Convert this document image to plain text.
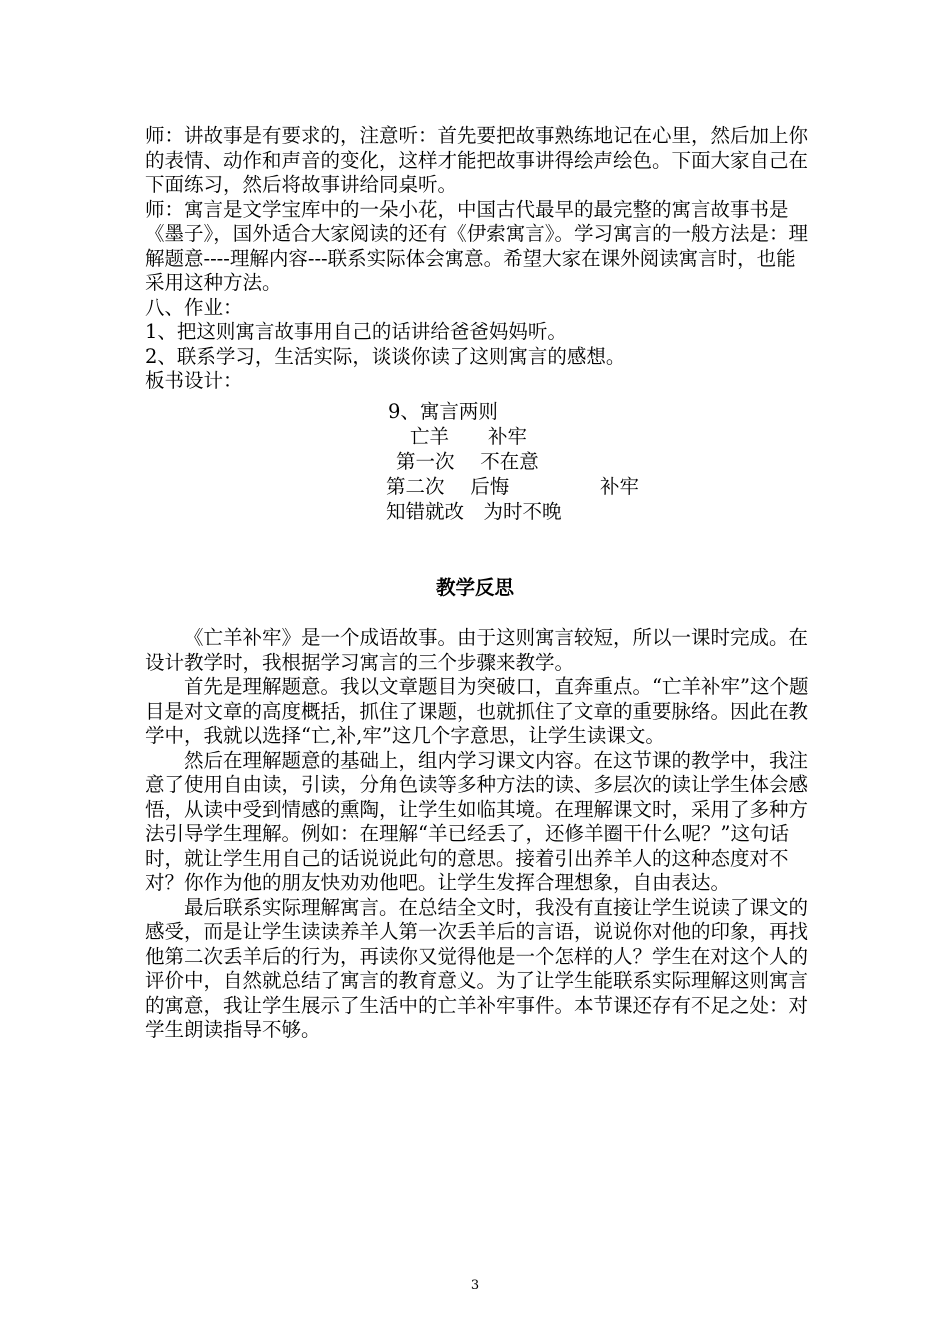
师：讲故事是有要求的，注意听：首先要把故事熟练地记在心里，然后加上你的表情、动作和声音的变化，这样才能把故事讲得绘声绘色。下面大家自己在下面练习，然后将故事讲给同桌听。

师：寓言是文学宝库中的一朵小花，中国古代最早的最完整的寓言故事书是《墨子》，国外适合大家阅读的还有《伊索寓言》。学习寓言的一般方法是：理解题意----理解内容---联系实际体会寓意。希望大家在课外阅读寓言时，也能采用这种方法。

八、作业：

1、把这则寓言故事用自己的话讲给爸爸妈妈听。

2、联系学习，生活实际，谈谈你读了这则寓言的感想。

板书设计：

9、寓言两则
亡羊　　补牢
第一次　 不在意
第二次　 后悔	补牢
知错就改　为时不晚
教学反思

《亡羊补牢》是一个成语故事。由于这则寓言较短，所以一课时完成。在设计教学时，我根据学习寓言的三个步骤来教学。

首先是理解题意。我以文章题目为突破口，直奔重点。“亡羊补牢”这个题目是对文章的高度概括，抓住了课题，也就抓住了文章的重要脉络。因此在教学中，我就以选择“亡,补,牢”这几个字意思，让学生读课文。

然后在理解题意的基础上，组内学习课文内容。在这节课的教学中，我注意了使用自由读，引读，分角色读等多种方法的读、多层次的读让学生体会感悟，从读中受到情感的熏陶，让学生如临其境。在理解课文时，采用了多种方法引导学生理解。例如：在理解“羊已经丢了，还修羊圈干什么呢？”这句话时，就让学生用自己的话说说此句的意思。接着引出养羊人的这种态度对不对？你作为他的朋友快劝劝他吧。让学生发挥合理想象，自由表达。

最后联系实际理解寓言。在总结全文时，我没有直接让学生说读了课文的感受，而是让学生读读养羊人第一次丢羊后的言语，说说你对他的印象，再找他第二次丢羊后的行为，再读你又觉得他是一个怎样的人？学生在对这个人的评价中，自然就总结了寓言的教育意义。为了让学生能联系实际理解这则寓言的寓意，我让学生展示了生活中的亡羊补牢事件。本节课还存有不足之处：对学生朗读指导不够。

3
